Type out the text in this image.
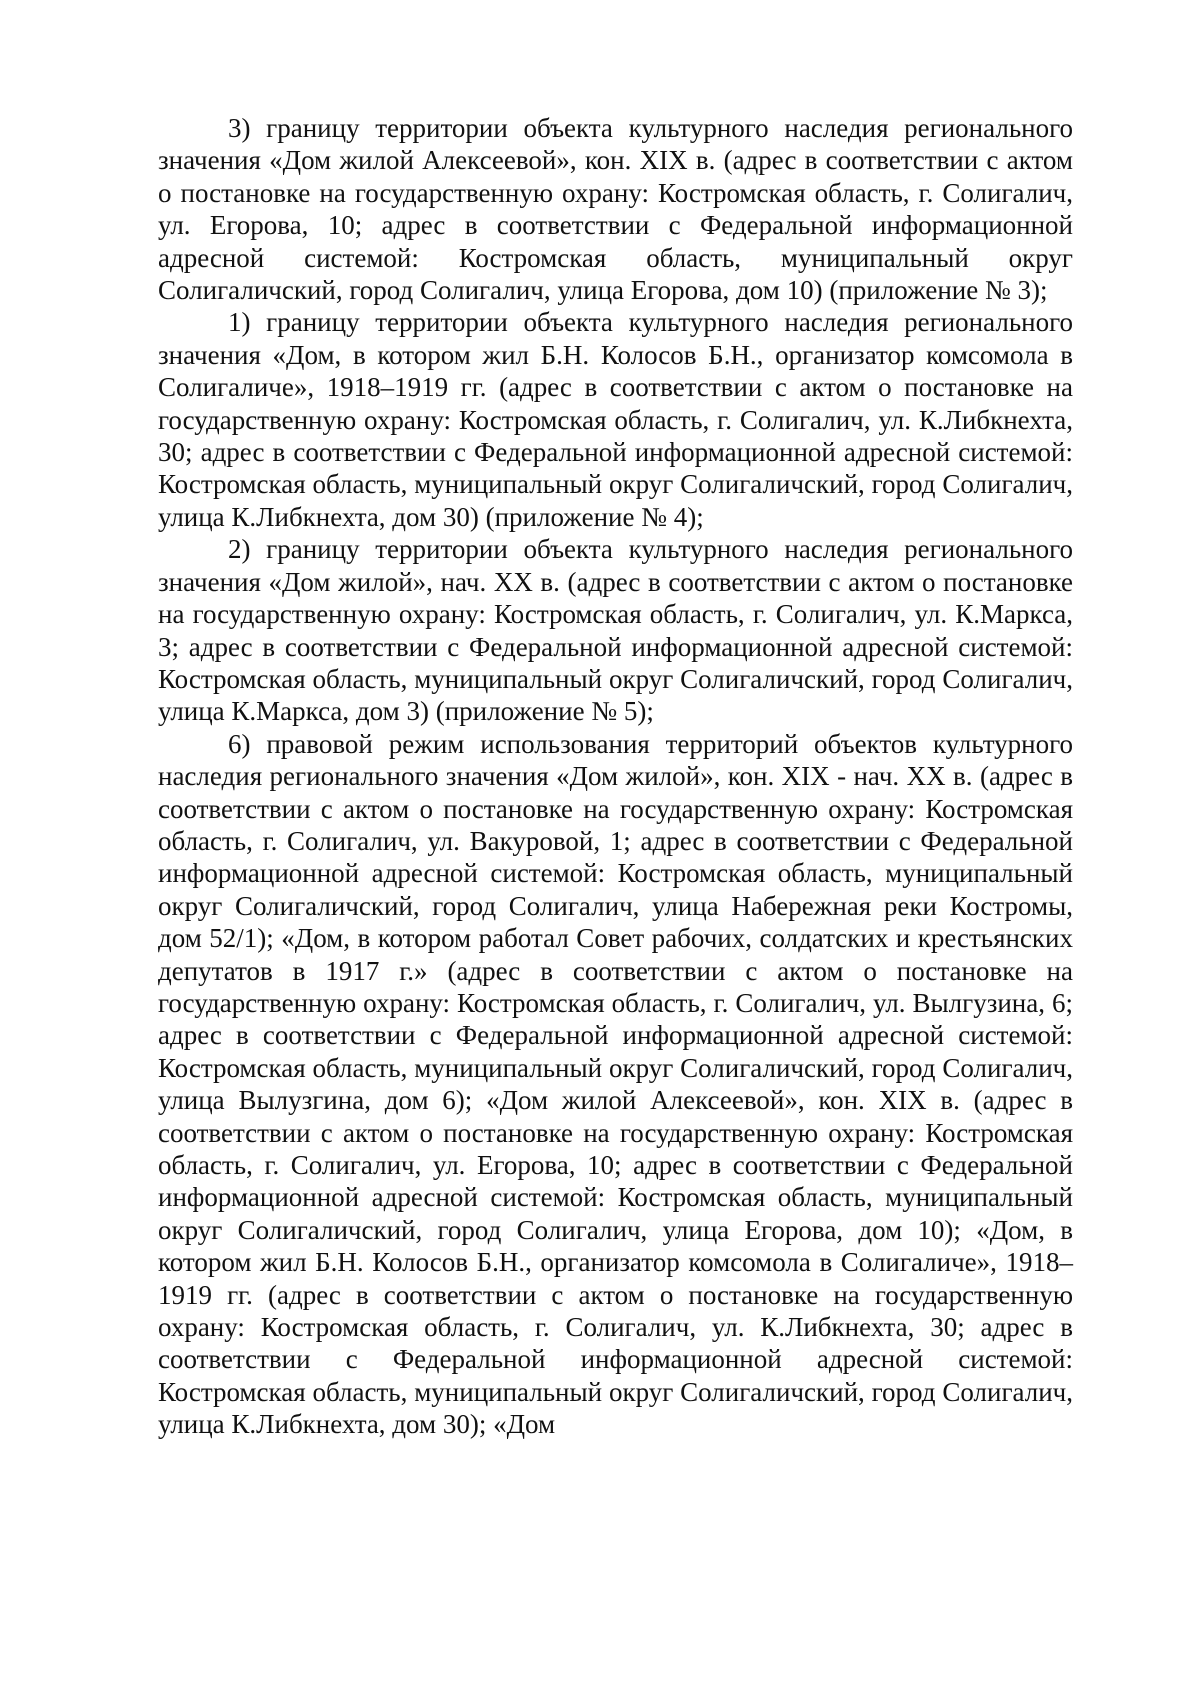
3) границу территории объекта культурного наследия регионального значения «Дом жилой Алексеевой», кон. XIX в. (адрес в соответствии с актом о постановке на государственную охрану: Костромская область, г. Солигалич, ул. Егорова, 10; адрес в соответствии с Федеральной информационной адресной системой: Костромская область, муниципальный округ Солигаличский, город Солигалич, улица Егорова, дом 10) (приложение № 3);

1) границу территории объекта культурного наследия регионального значения «Дом, в котором жил Б.Н. Колосов Б.Н., организатор комсомола в Солигаличе», 1918–1919 гг. (адрес в соответствии с актом о постановке на государственную охрану: Костромская область, г. Солигалич, ул. К.Либкнехта, 30; адрес в соответствии с Федеральной информационной адресной системой: Костромская область, муниципальный округ Солигаличский, город Солигалич, улица К.Либкнехта, дом 30) (приложение № 4);

2) границу территории объекта культурного наследия регионального значения «Дом жилой», нач. XX в. (адрес в соответствии с актом о постановке на государственную охрану: Костромская область, г. Солигалич, ул. К.Маркса, 3; адрес в соответствии с Федеральной информационной адресной системой: Костромская область, муниципальный округ Солигаличский, город Солигалич, улица К.Маркса, дом 3) (приложение № 5);

6) правовой режим использования территорий объектов культурного наследия регионального значения «Дом жилой», кон. XIX - нач. XX в. (адрес в соответствии с актом о постановке на государственную охрану: Костромская область, г. Солигалич, ул. Вакуровой, 1; адрес в соответствии с Федеральной информационной адресной системой: Костромская область, муниципальный округ Солигаличский, город Солигалич, улица Набережная реки Костромы, дом 52/1); «Дом, в котором работал Совет рабочих, солдатских и крестьянских депутатов в 1917 г.» (адрес в соответствии с актом о постановке на государственную охрану: Костромская область, г. Солигалич, ул. Вылгузина, 6; адрес в соответствии с Федеральной информационной адресной системой: Костромская область, муниципальный округ Солигаличский, город Солигалич, улица Вылузгина, дом 6); «Дом жилой Алексеевой», кон. XIX в. (адрес в соответствии с актом о постановке на государственную охрану: Костромская область, г. Солигалич, ул. Егорова, 10; адрес в соответствии с Федеральной информационной адресной системой: Костромская область, муниципальный округ Солигаличский, город Солигалич, улица Егорова, дом 10); «Дом, в котором жил Б.Н. Колосов Б.Н., организатор комсомола в Солигаличе», 1918–1919 гг. (адрес в соответствии с актом о постановке на государственную охрану: Костромская область, г. Солигалич, ул. К.Либкнехта, 30; адрес в соответствии с Федеральной информационной адресной системой: Костромская область, муниципальный округ Солигаличский, город Солигалич, улица К.Либкнехта, дом 30); «Дом
